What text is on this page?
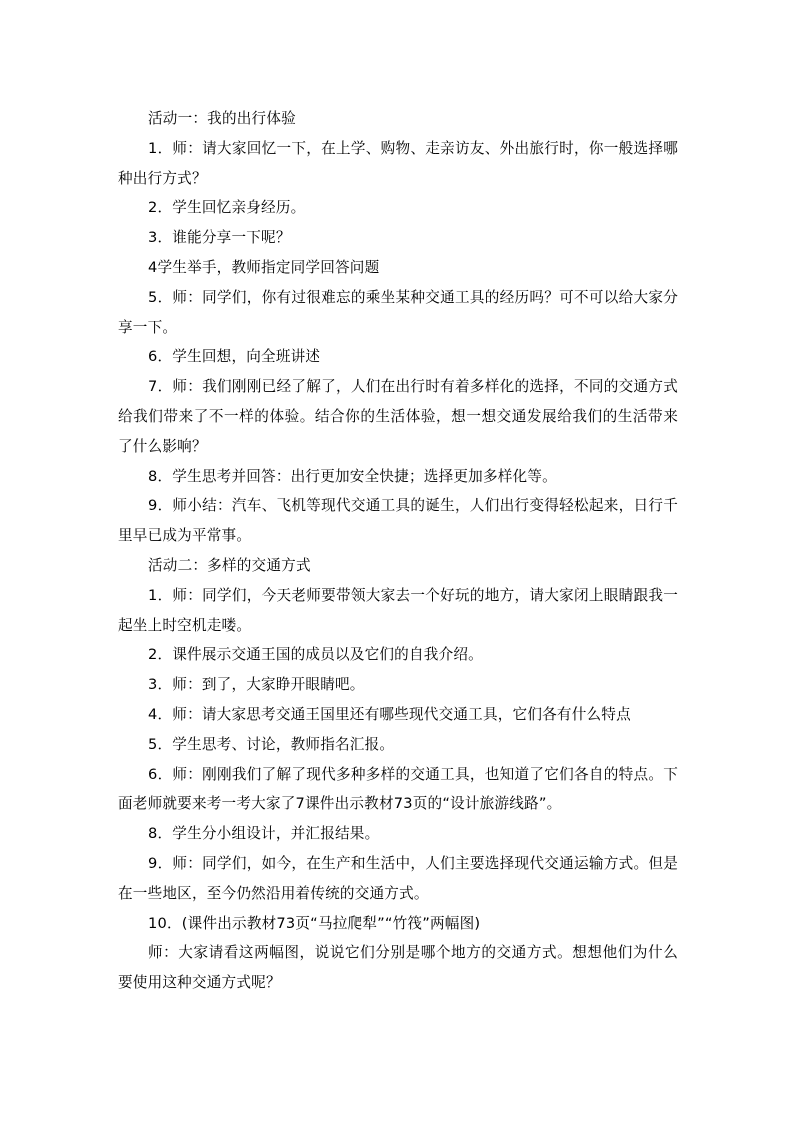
活动一：我的出行体验

1．师：请大家回忆一下，在上学、购物、走亲访友、外出旅行时，你一般选择哪种出行方式？

2．学生回忆亲身经历。

3．谁能分享一下呢？

4学生举手，教师指定同学回答问题

5．师：同学们，你有过很难忘的乘坐某种交通工具的经历吗？可不可以给大家分享一下。

6．学生回想，向全班讲述

7．师：我们刚刚已经了解了，人们在出行时有着多样化的选择，不同的交通方式给我们带来了不一样的体验。结合你的生活体验，想一想交通发展给我们的生活带来了什么影响？

8．学生思考并回答：出行更加安全快捷；选择更加多样化等。

9．师小结：汽车、飞机等现代交通工具的诞生，人们出行变得轻松起来，日行千里早已成为平常事。

活动二：多样的交通方式

1．师：同学们，今天老师要带领大家去一个好玩的地方，请大家闭上眼睛跟我一起坐上时空机走喽。

2．课件展示交通王国的成员以及它们的自我介绍。

3．师：到了，大家睁开眼睛吧。

4．师：请大家思考交通王国里还有哪些现代交通工具，它们各有什么特点

5．学生思考、讨论，教师指名汇报。

6．师：刚刚我们了解了现代多种多样的交通工具，也知道了它们各自的特点。下面老师就要来考一考大家了7课件出示教材73页的“设计旅游线路”。

8．学生分小组设计，并汇报结果。

9．师：同学们，如今，在生产和生活中，人们主要选择现代交通运输方式。但是在一些地区，至今仍然沿用着传统的交通方式。

10．(课件出示教材73页“马拉爬犁”“竹筏”两幅图)

师：大家请看这两幅图，说说它们分别是哪个地方的交通方式。想想他们为什么要使用这种交通方式呢？
